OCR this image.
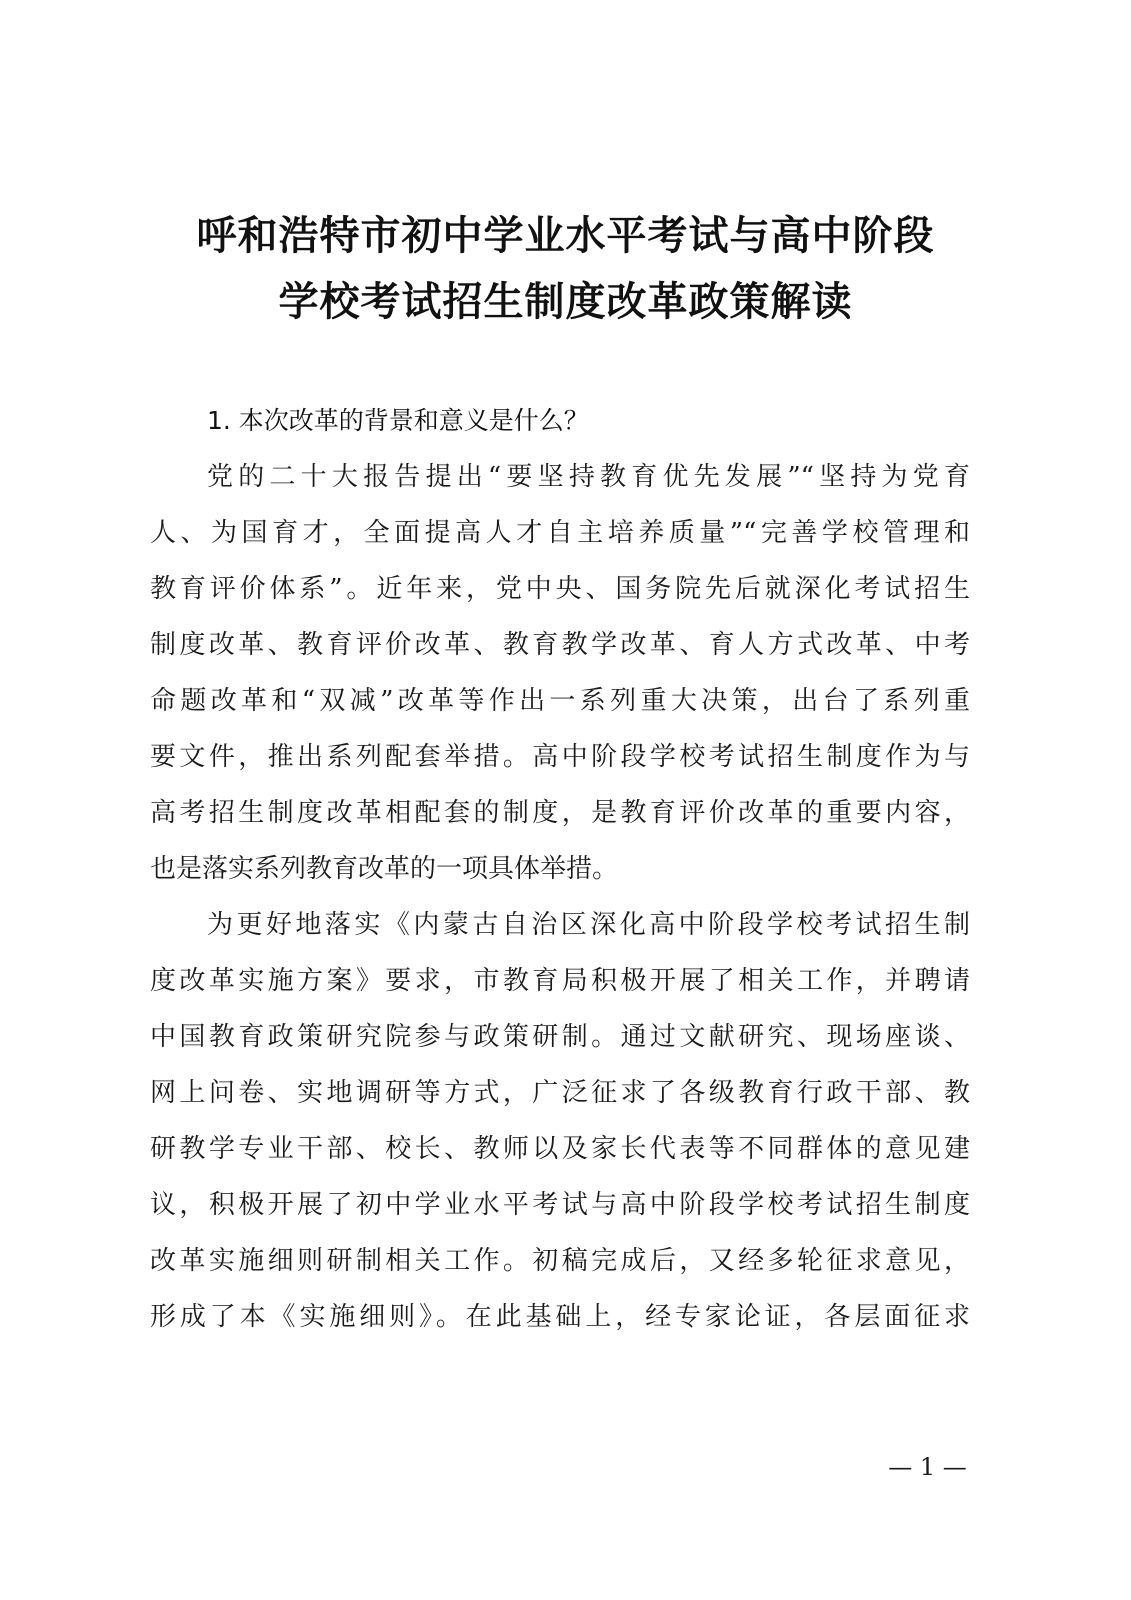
呼和浩特市初中学业水平考试与高中阶段
学校考试招生制度改革政策解读
1. 本次改革的背景和意义是什么？
党的二十大报告提出“要坚持教育优先发展”“坚持为党育
人、为国育才，全面提高人才自主培养质量”“完善学校管理和
教育评价体系”。近年来，党中央、国务院先后就深化考试招生
制度改革、教育评价改革、教育教学改革、育人方式改革、中考
命题改革和“双减”改革等作出一系列重大决策，出台了系列重
要文件，推出系列配套举措。高中阶段学校考试招生制度作为与
高考招生制度改革相配套的制度，是教育评价改革的重要内容，
也是落实系列教育改革的一项具体举措。
为更好地落实《内蒙古自治区深化高中阶段学校考试招生制
度改革实施方案》要求，市教育局积极开展了相关工作，并聘请
中国教育政策研究院参与政策研制。通过文献研究、现场座谈、
网上问卷、实地调研等方式，广泛征求了各级教育行政干部、教
研教学专业干部、校长、教师以及家长代表等不同群体的意见建
议，积极开展了初中学业水平考试与高中阶段学校考试招生制度
改革实施细则研制相关工作。初稿完成后，又经多轮征求意见，
形成了本《实施细则》。在此基础上，经专家论证，各层面征求
— 1 —
